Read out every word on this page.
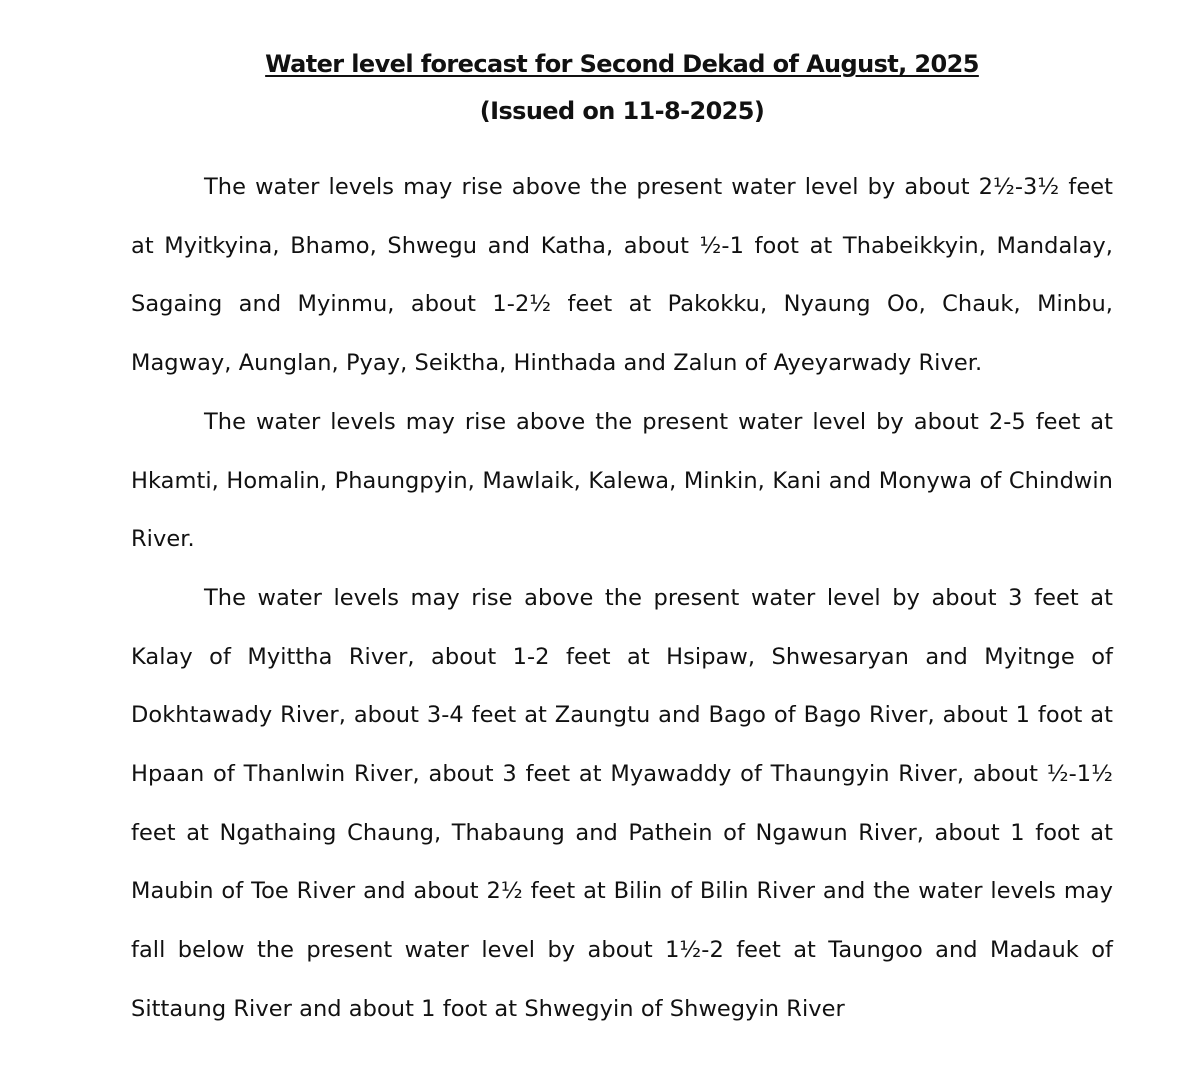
Water level forecast for Second Dekad of August, 2025
(Issued on 11-8-2025)

The water levels may rise above the present water level by about 2½-3½ feet at Myitkyina, Bhamo, Shwegu and Katha, about ½-1 foot at Thabeikkyin, Mandalay, Sagaing and Myinmu, about 1-2½ feet at Pakokku, Nyaung Oo, Chauk, Minbu, Magway, Aunglan, Pyay, Seiktha, Hinthada and Zalun of Ayeyarwady River.

The water levels may rise above the present water level by about 2-5 feet at Hkamti, Homalin, Phaungpyin, Mawlaik, Kalewa, Minkin, Kani and Monywa of Chindwin River.

The water levels may rise above the present water level by about 3 feet at Kalay of Myittha River, about 1-2 feet at Hsipaw, Shwesaryan and Myitnge of Dokhtawady River, about 3-4 feet at Zaungtu and Bago of Bago River, about 1 foot at Hpaan of Thanlwin River, about 3 feet at Myawaddy of Thaungyin River, about ½-1½ feet at Ngathaing Chaung, Thabaung and Pathein of Ngawun River, about 1 foot at Maubin of Toe River and about 2½ feet at Bilin of Bilin River and the water levels may fall below the present water level by about 1½-2 feet at Taungoo and Madauk of Sittaung River and about 1 foot at Shwegyin of Shwegyin River
